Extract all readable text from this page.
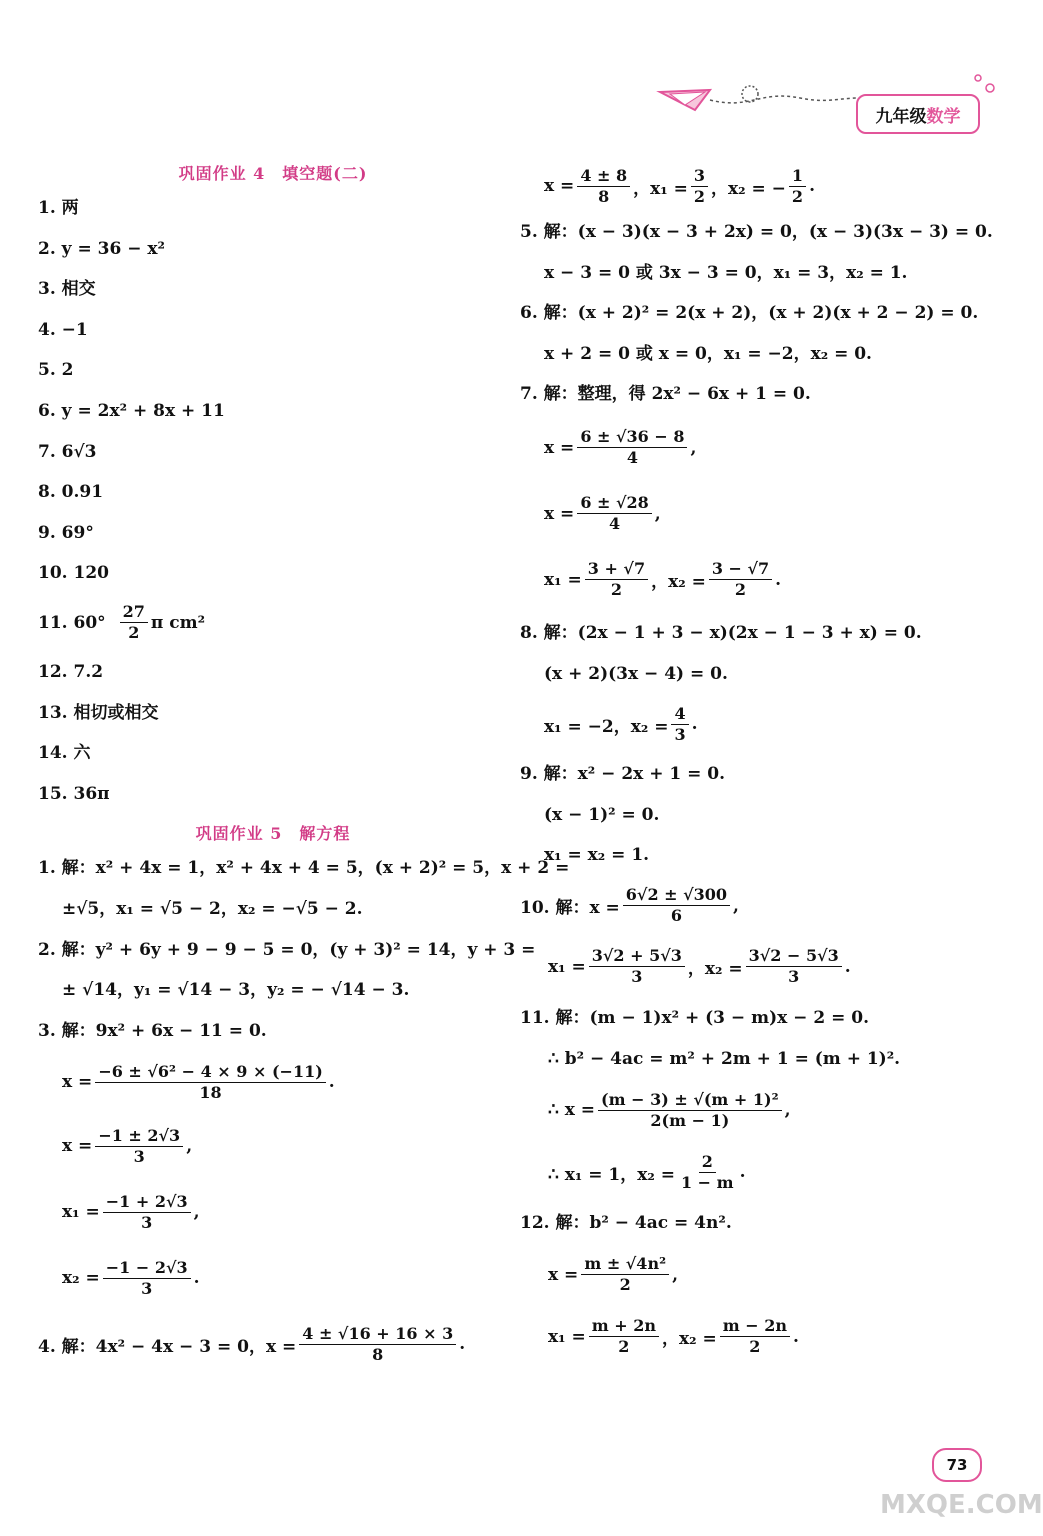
九年级 数学
巩固作业 4　填空题(二)
1. 两
2. y = 36 − x²
3. 相交
4. −1
5. 2
6. y = 2x² + 8x + 11
7. 6√3
8. 0.91
9. 69°
10. 120
11. $60^\circ \frac{27}{2}$ π cm²
12. 7.2
13. 相切或相交
14. 六
15. 36π
巩固作业 5　解方程
1. 解：x² + 4x = 1，x² + 4x + 4 = 5，(x + 2)² = 5，x + 2 =
±√5，x₁ = √5 − 2，x₂ = −√5 − 2.
2. 解：y² + 6y + 9 − 9 − 5 = 0，(y + 3)² = 14，y + 3 =
± √14，y₁ = √14 − 3，y₂ = − √14 − 3.
3. 解：9x² + 6x − 11 = 0.
$x = \frac{\text{−6 ± √6² − 4 × 9 × (−11)}}{18}$ .
$x = \frac{-1 \pm 2√3}{3}$ ,
$x_1 = \frac{-1 + 2√3}{3}$ ,
$x_2 = \frac{-1 - 2√3}{3}$ .
4. 解：4x² − 4x − 3 = 0，$x = \frac{4 \pm √16 + 16 \times 3}{8}$ .
$x = \frac{4 \pm 8}{8}$ ，$x_1 = \frac{3}{2}$ ，x₂ = − $\frac{1}{2}$ .
5. 解：(x − 3)(x − 3 + 2x) = 0，(x − 3)(3x − 3) = 0.
x − 3 = 0 或 3x − 3 = 0，x₁ = 3，x₂ = 1.
6. 解：(x + 2)² = 2(x + 2)，(x + 2)(x + 2 − 2) = 0.
x + 2 = 0 或 x = 0，x₁ = −2，x₂ = 0.
7. 解：整理，得 2x² − 6x + 1 = 0.
$x = \frac{6 \pm √36 - 8}{4}$ ,
$x = \frac{6 \pm √28}{4}$ ,
$x_1 = \frac{3 + √7}{2}$ ，$x_2 = \frac{3 - √7}{2}$ .
8. 解：(2x − 1 + 3 − x)(2x − 1 − 3 + x) = 0.
(x + 2)(3x − 4) = 0.
x₁ = −2，$x_2 = \frac{4}{3}$ .
9. 解：x² − 2x + 1 = 0.
(x − 1)² = 0.
x₁ = x₂ = 1.
10. 解：$x = \frac{6√2 \pm √300}{6}$ ,
$x_1 = \frac{3√2 + 5√3}{3}$ ，$x_2 = \frac{3√2 - 5√3}{3}$ .
11. 解：(m − 1)x² + (3 − m)x − 2 = 0.
∴ b² − 4ac = m² + 2m + 1 = (m + 1)².
∴ $x = \frac{\text{(m − 3) ± √(m + 1)²}}{2(m - 1)}$ ,
∴ x₁ = 1，$x_2 = \frac{2}{1 - m}$ .
12. 解：b² − 4ac = 4n².
$x = \frac{\text{m ± √4n²}}{2}$ ,
$x_1 = \frac{m + 2n}{2}$ ，$x_2 = \frac{m - 2n}{2}$ .
73
MXQE.COM
